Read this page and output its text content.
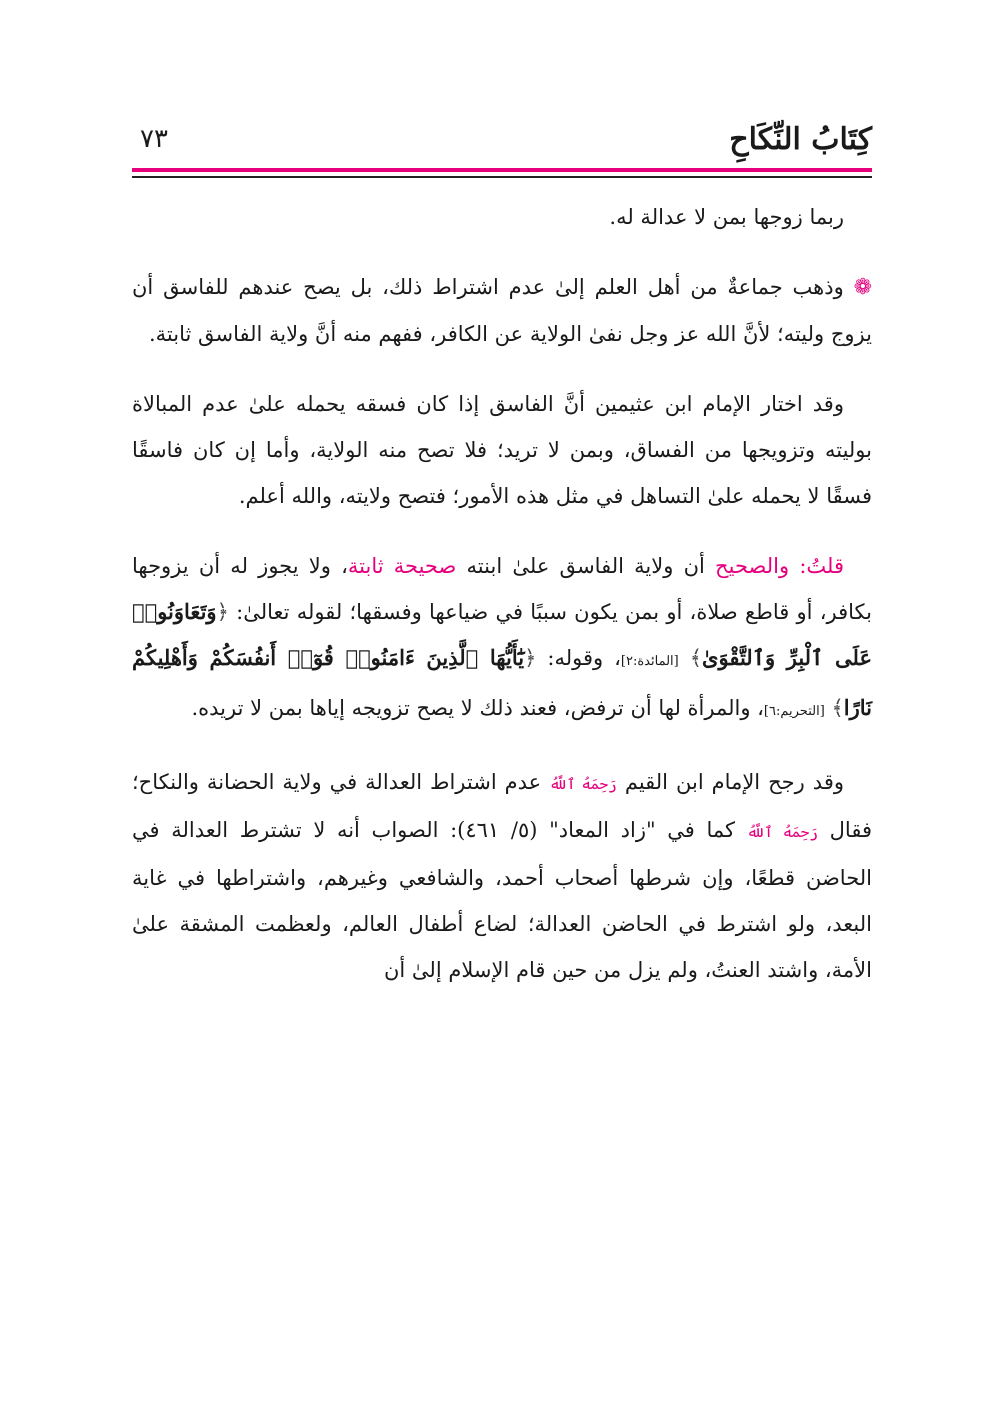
كِتَابُ النِّكَاحِ
٧٣

ربما زوجها بمن لا عدالة له.

❁ وذهب جماعةٌ من أهل العلم إلىٰ عدم اشتراط ذلك، بل يصح عندهم للفاسق أن يزوج وليته؛ لأنَّ الله عز وجل نفىٰ الولاية عن الكافر، ففهم منه أنَّ ولاية الفاسق ثابتة.

وقد اختار الإمام ابن عثيمين أنَّ الفاسق إذا كان فسقه يحمله علىٰ عدم المبالاة بوليته وتزويجها من الفساق، وبمن لا تريد؛ فلا تصح منه الولاية، وأما إن كان فاسقًا فسقًا لا يحمله علىٰ التساهل في مثل هذه الأمور؛ فتصح ولايته، والله أعلم.

قلتُ: والصحيح أن ولاية الفاسق علىٰ ابنته صحيحة ثابتة، ولا يجوز له أن يزوجها بكافر، أو قاطع صلاة، أو بمن يكون سببًا في ضياعها وفسقها؛ لقوله تعالىٰ: ﴿وَتَعَاوَنُوا۟ عَلَى ٱلْبِرِّ وَٱلتَّقْوَىٰ﴾ [المائدة:٢]، وقوله: ﴿يَٰٓأَيُّهَا ٱلَّذِينَ ءَامَنُوا۟ قُوٓا۟ أَنفُسَكُمْ وَأَهْلِيكُمْ نَارًا﴾ [التحريم:٦]، والمرأة لها أن ترفض، فعند ذلك لا يصح تزويجه إياها بمن لا تريده.

وقد رجح الإمام ابن القيم رَحِمَهُ ٱللَّهُ عدم اشتراط العدالة في ولاية الحضانة والنكاح؛ فقال رَحِمَهُ ٱللَّهُ كما في "زاد المعاد" (٥/ ٤٦١): الصواب أنه لا تشترط العدالة في الحاضن قطعًا، وإن شرطها أصحاب أحمد، والشافعي وغيرهم، واشتراطها في غاية البعد، ولو اشترط في الحاضن العدالة؛ لضاع أطفال العالم، ولعظمت المشقة علىٰ الأمة، واشتد العنتُ، ولم يزل من حين قام الإسلام إلىٰ أن
